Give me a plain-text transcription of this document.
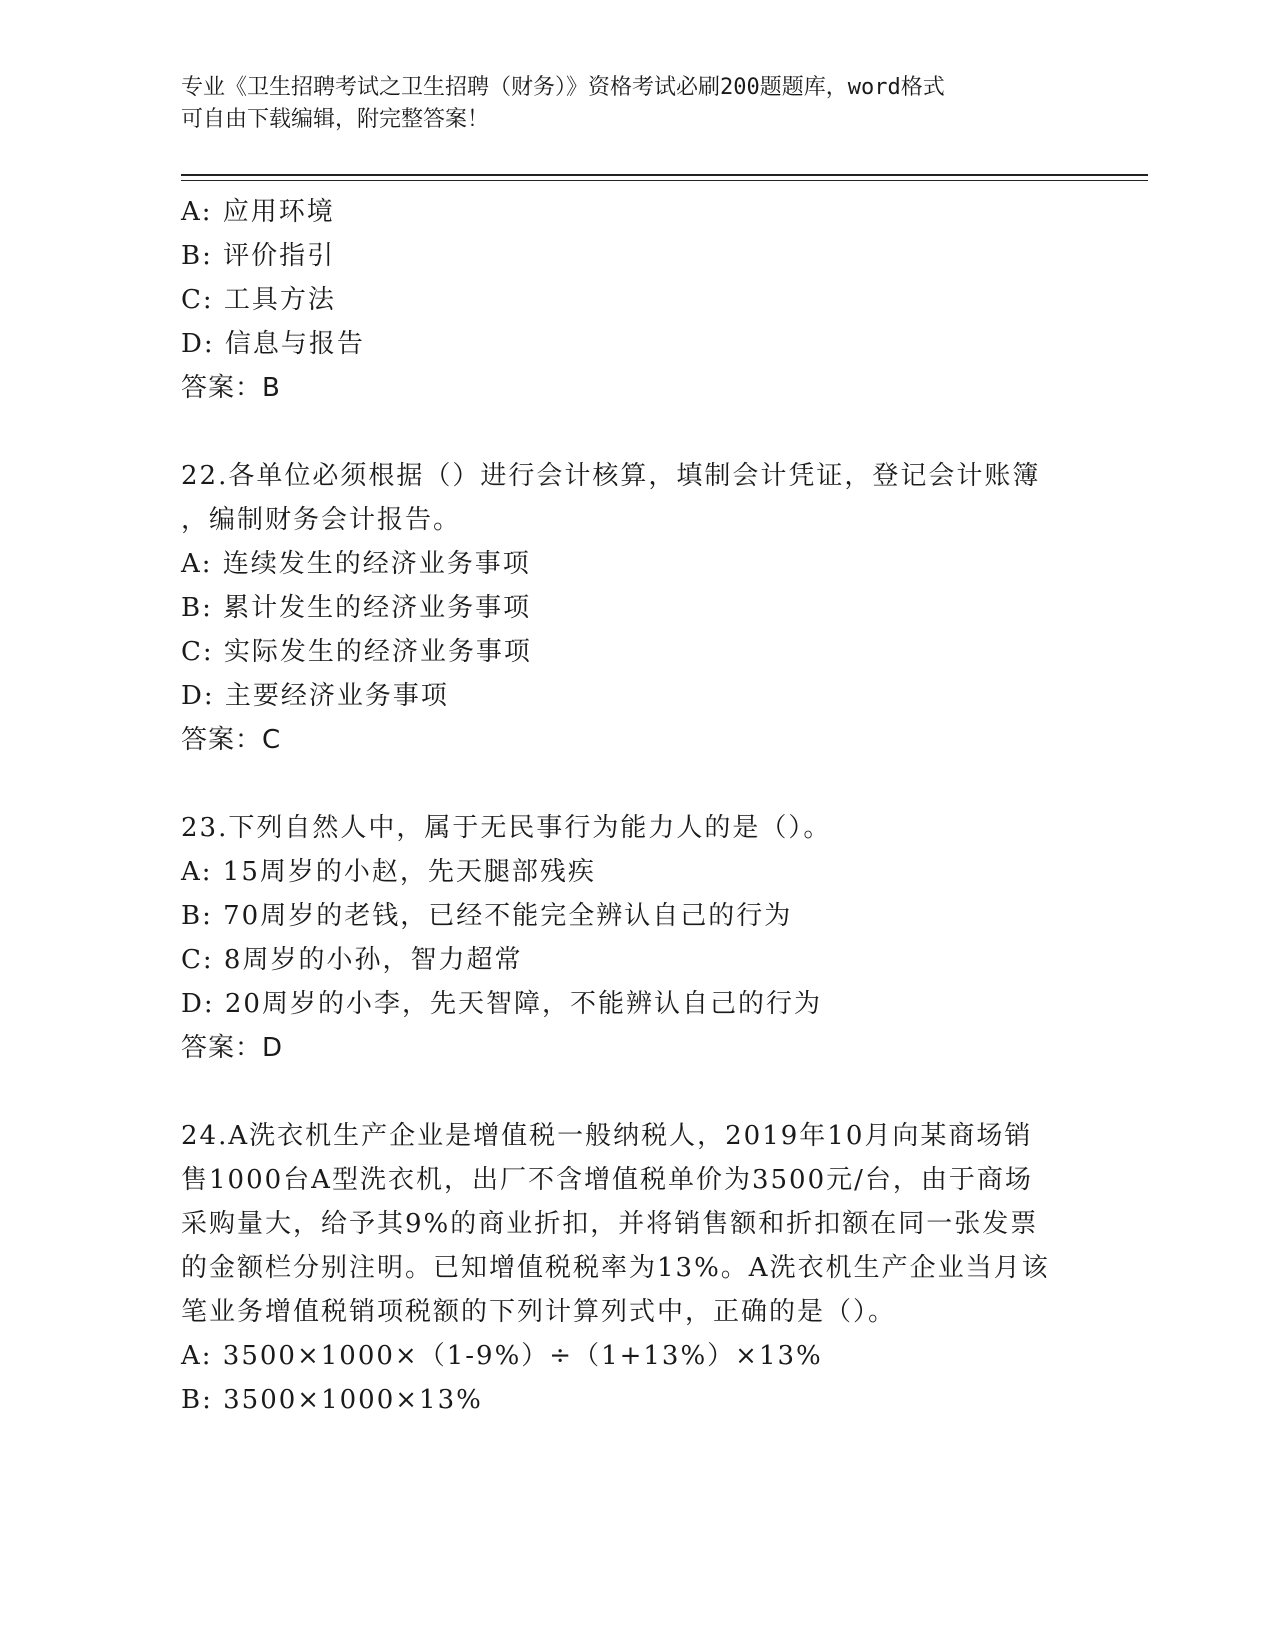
专业《卫生招聘考试之卫生招聘（财务）》资格考试必刷200题题库，word格式
可自由下载编辑，附完整答案！
A: 应用环境
B: 评价指引
C: 工具方法
D: 信息与报告
答案：B
22.各单位必须根据（）进行会计核算，填制会计凭证，登记会计账簿
，编制财务会计报告。
A: 连续发生的经济业务事项
B: 累计发生的经济业务事项
C: 实际发生的经济业务事项
D: 主要经济业务事项
答案：C
23.下列自然人中，属于无民事行为能力人的是（）。
A: 15周岁的小赵，先天腿部残疾
B: 70周岁的老钱，已经不能完全辨认自己的行为
C: 8周岁的小孙，智力超常
D: 20周岁的小李，先天智障，不能辨认自己的行为
答案：D
24.A洗衣机生产企业是增值税一般纳税人，2019年10月向某商场销
售1000台A型洗衣机，出厂不含增值税单价为3500元/台，由于商场
采购量大，给予其9%的商业折扣，并将销售额和折扣额在同一张发票
的金额栏分别注明。已知增值税税率为13%。A洗衣机生产企业当月该
笔业务增值税销项税额的下列计算列式中，正确的是（）。
A: 3500×1000×（1-9%）÷（1+13%）×13%
B: 3500×1000×13%
